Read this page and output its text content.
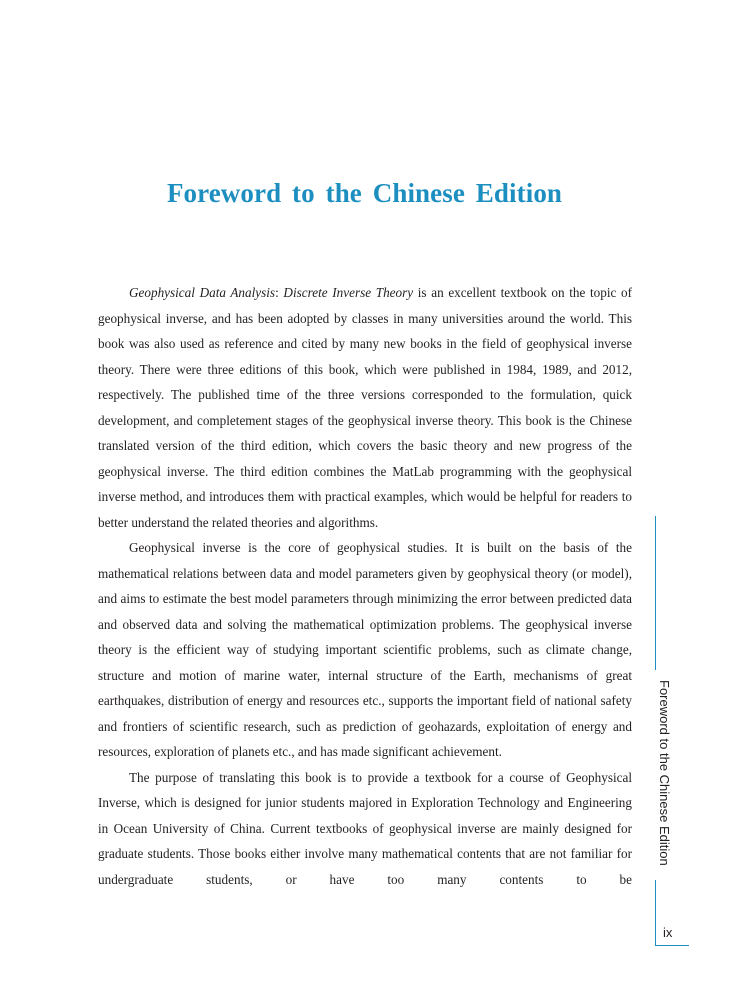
Foreword to the Chinese Edition

Geophysical Data Analysis: Discrete Inverse Theory is an excellent textbook on the topic of geophysical inverse, and has been adopted by classes in many universities around the world. This book was also used as reference and cited by many new books in the field of geophysical inverse theory. There were three editions of this book, which were published in 1984, 1989, and 2012, respectively. The published time of the three versions corresponded to the formulation, quick development, and completement stages of the geophysical inverse theory. This book is the Chinese translated version of the third edition, which covers the basic theory and new progress of the geophysical inverse. The third edition combines the MatLab programming with the geophysical inverse method, and introduces them with practical examples, which would be helpful for readers to better understand the related theories and algorithms.

Geophysical inverse is the core of geophysical studies. It is built on the basis of the mathematical relations between data and model parameters given by geophysical theory (or model), and aims to estimate the best model parameters through minimizing the error between predicted data and observed data and solving the mathematical optimization problems. The geophysical inverse theory is the efficient way of studying important scientific problems, such as climate change, structure and motion of marine water, internal structure of the Earth, mechanisms of great earthquakes, distribution of energy and resources etc., supports the important field of national safety and frontiers of scientific research, such as prediction of geohazards, exploitation of energy and resources, exploration of planets etc., and has made significant achievement.

The purpose of translating this book is to provide a textbook for a course of Geophysical Inverse, which is designed for junior students majored in Exploration Technology and Engineering in Ocean University of China. Current textbooks of geophysical inverse are mainly designed for graduate students. Those books either involve many mathematical contents that are not familiar for undergraduate students, or have too many contents to be

Foreword to the Chinese Edition
ix
